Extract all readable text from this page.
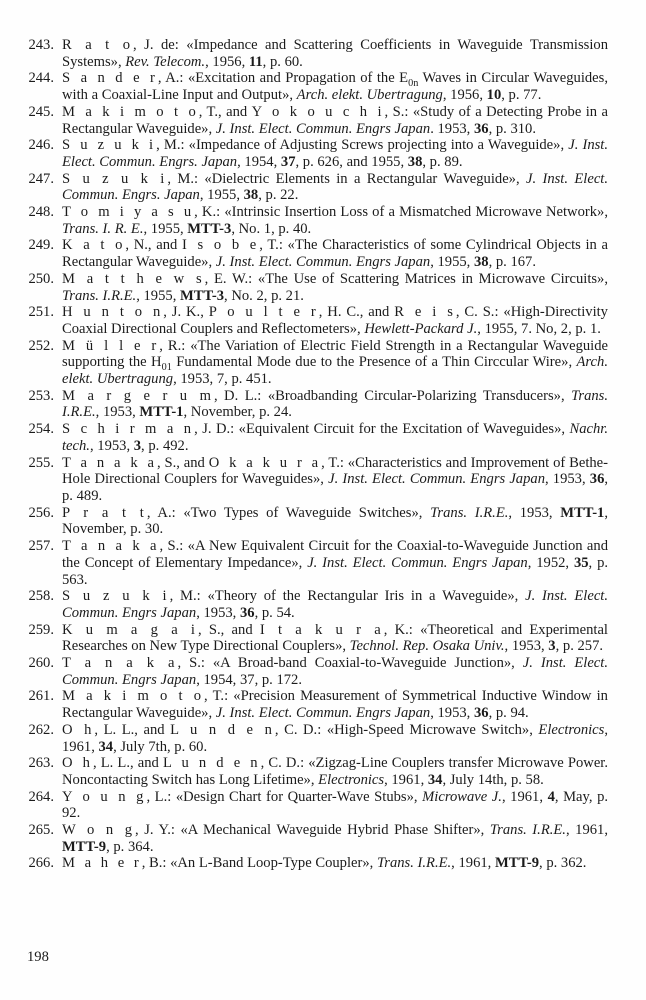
243. R a t o, J. de: «Impedance and Scattering Coefficients in Waveguide Transmission Systems», Rev. Telecom., 1956, 11, p. 60.
244. S a n d e r, A.: «Excitation and Propagation of the $E_{0n}$ Waves in Circular Waveguides, with a Coaxial-Line Input and Output», Arch. elekt. Ubertragung, 1956, 10, p. 77.
245. M a k i m o t o, T., and Y o k o u c h i, S.: «Study of a Detecting Probe in a Rectangular Waveguide», J. Inst. Elect. Commun. Engrs Japan. 1953, 36, p. 310.
246. S u z u k i, M.: «Impedance of Adjusting Screws projecting into a Waveguide», J. Inst. Elect. Commun. Engrs. Japan, 1954, 37, p. 626, and 1955, 38, p. 89.
247. S u z u k i, M.: «Dielectric Elements in a Rectangular Waveguide», J. Inst. Elect. Commun. Engrs. Japan, 1955, 38, p. 22.
248. T o m i y a s u, K.: «Intrinsic Insertion Loss of a Mismatched Microwave Network», Trans. I. R. E., 1955, MTT-3, No. 1, p. 40.
249. K a t o, N., and I s o b e, T.: «The Characteristics of some Cylindrical Objects in a Rectangular Waveguide», J. Inst. Elect. Commun. Engrs Japan, 1955, 38, p. 167.
250. M a t t h e w s, E. W.: «The Use of Scattering Matrices in Microwave Circuits», Trans. I.R.E., 1955, MTT-3, No. 2, p. 21.
251. H u n t o n, J. K., P o u l t e r, H. C., and R e i s, C. S.: «High-Directivity Coaxial Directional Couplers and Reflectometers», Hewlett-Packard J., 1955, 7. No, 2, p. 1.
252. M ü l l e r, R.: «The Variation of Electric Field Strength in a Rectangular Waveguide supporting the $H_{01}$ Fundamental Mode due to the Presence of a Thin Circcular Wire», Arch. elekt. Ubertragung, 1953, 7, p. 451.
253. M a r g e r u m, D. L.: «Broadbanding Circular-Polarizing Transducers», Trans. I.R.E., 1953, MTT-1, November, p. 24.
254. S c h i r m a n, J. D.: «Equivalent Circuit for the Excitation of Waveguides», Nachr. tech., 1953, 3, p. 492.
255. T a n a k a, S., and O k a k u r a, T.: «Characteristics and Improvement of Bethe-Hole Directional Couplers for Waveguides», J. Inst. Elect. Commun. Engrs Japan, 1953, 36, p. 489.
256. P r a t t, A.: «Two Types of Waveguide Switches», Trans. I.R.E., 1953, MTT-1, November, p. 30.
257. T a n a k a, S.: «A New Equivalent Circuit for the Coaxial-to-Waveguide Junction and the Concept of Elementary Impedance», J. Inst. Elect. Commun. Engrs Japan, 1952, 35, p. 563.
258. S u z u k i, M.: «Theory of the Rectangular Iris in a Waveguide», J. Inst. Elect. Commun. Engrs Japan, 1953, 36, p. 54.
259. K u m a g a i, S., and I t a k u r a, K.: «Theoretical and Experimental Researches on New Type Directional Couplers», Technol. Rep. Osaka Univ., 1953, 3, p. 257.
260. T a n a k a, S.: «A Broad-band Coaxial-to-Waveguide Junction», J. Inst. Elect. Commun. Engrs Japan, 1954, 37, p. 172.
261. M a k i m o t o, T.: «Precision Measurement of Symmetrical Inductive Window in Rectangular Waveguide», J. Inst. Elect. Commun. Engrs Japan, 1953, 36, p. 94.
262. O h, L. L., and L u n d e n, C. D.: «High-Speed Microwave Switch», Electronics, 1961, 34, July 7th, p. 60.
263. O h, L. L., and L u n d e n, C. D.: «Zigzag-Line Couplers transfer Microwave Power. Noncontacting Switch has Long Lifetime», Electronics, 1961, 34, July 14th, p. 58.
264. Y o u n g, L.: «Design Chart for Quarter-Wave Stubs», Microwave J., 1961, 4, May, p. 92.
265. W o n g, J. Y.: «A Mechanical Waveguide Hybrid Phase Shifter», Trans. I.R.E., 1961, MTT-9, p. 364.
266. M a h e r, B.: «An L-Band Loop-Type Coupler», Trans. I.R.E., 1961, MTT-9, p. 362.
198
